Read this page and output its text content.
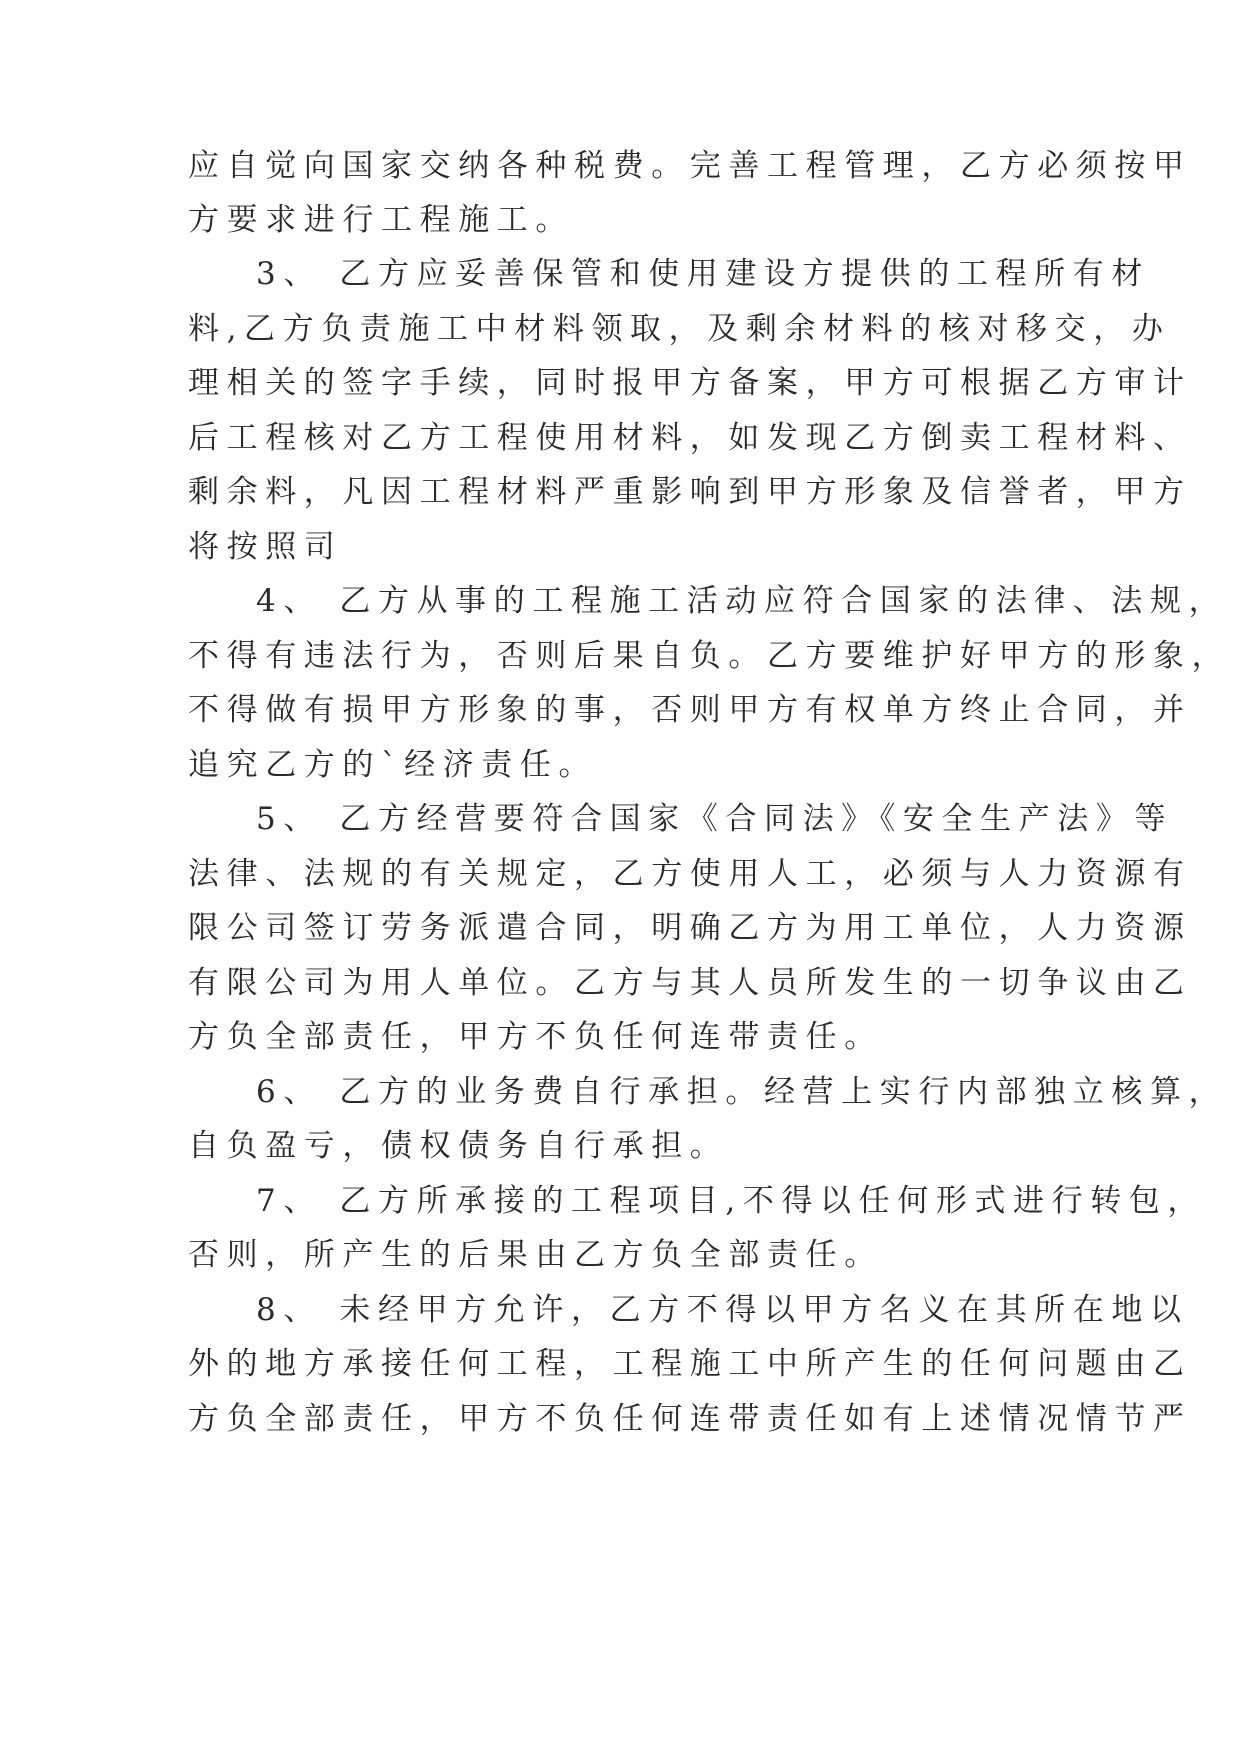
应自觉向国家交纳各种税费。完善工程管理，乙方必须按甲
方要求进行工程施工。
3、 乙方应妥善保管和使用建设方提供的工程所有材
料,乙方负责施工中材料领取，及剩余材料的核对移交，办
理相关的签字手续，同时报甲方备案，甲方可根据乙方审计
后工程核对乙方工程使用材料，如发现乙方倒卖工程材料、
剩余料，凡因工程材料严重影响到甲方形象及信誉者，甲方
将按照司
4、 乙方从事的工程施工活动应符合国家的法律、法规，
不得有违法行为，否则后果自负。乙方要维护好甲方的形象，
不得做有损甲方形象的事，否则甲方有权单方终止合同，并
追究乙方的`经济责任。
5、 乙方经营要符合国家《合同法》《安全生产法》等
法律、法规的有关规定，乙方使用人工，必须与人力资源有
限公司签订劳务派遣合同，明确乙方为用工单位，人力资源
有限公司为用人单位。乙方与其人员所发生的一切争议由乙
方负全部责任，甲方不负任何连带责任。
6、 乙方的业务费自行承担。经营上实行内部独立核算，
自负盈亏，债权债务自行承担。
7、 乙方所承接的工程项目,不得以任何形式进行转包，
否则，所产生的后果由乙方负全部责任。
8、 未经甲方允许，乙方不得以甲方名义在其所在地以
外的地方承接任何工程，工程施工中所产生的任何问题由乙
方负全部责任，甲方不负任何连带责任如有上述情况情节严
